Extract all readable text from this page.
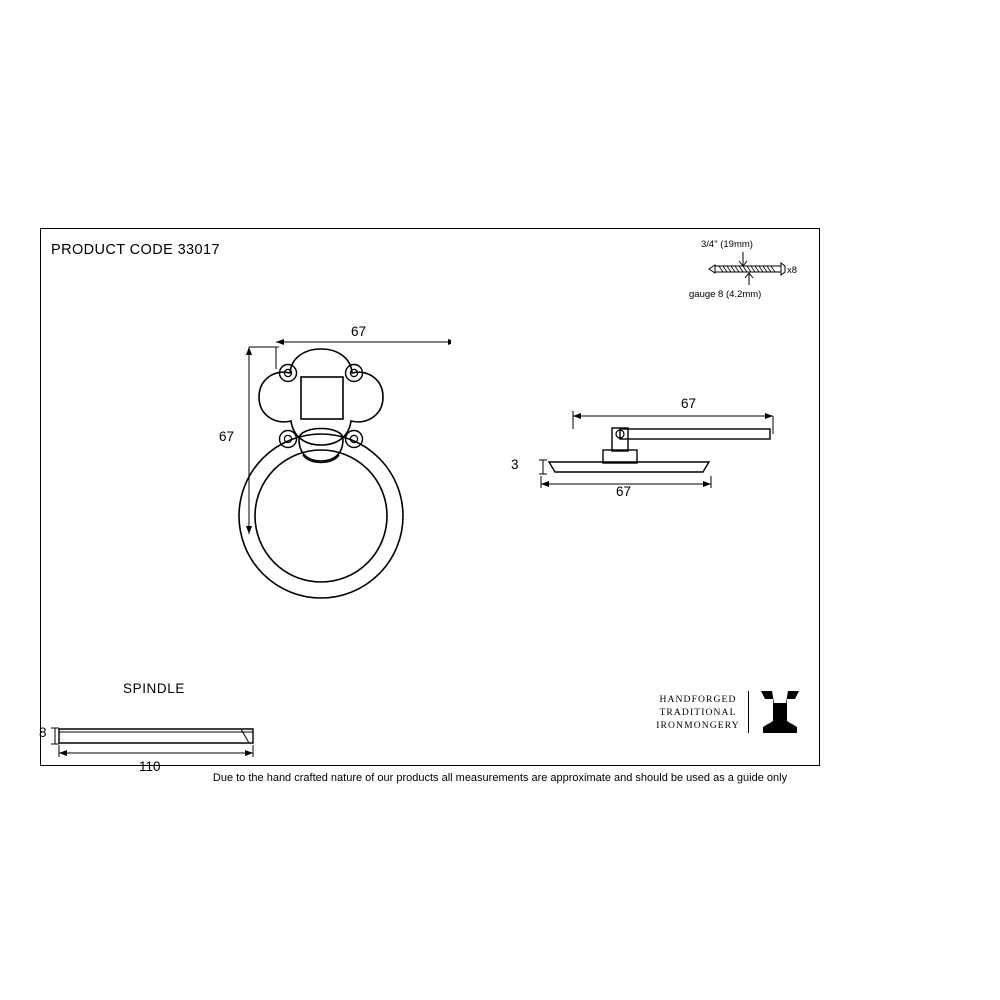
Due to the hand crafted nature of our products all measurements are approximate and should be used as a guide only
PRODUCT CODE 33017	3/4" (19mm)
gauge 8 (4.2mm)
x8
67
67
67
67
3
SPINDLE
110
8
HANDFORGED
TRADITIONAL
IRONMONGERY
